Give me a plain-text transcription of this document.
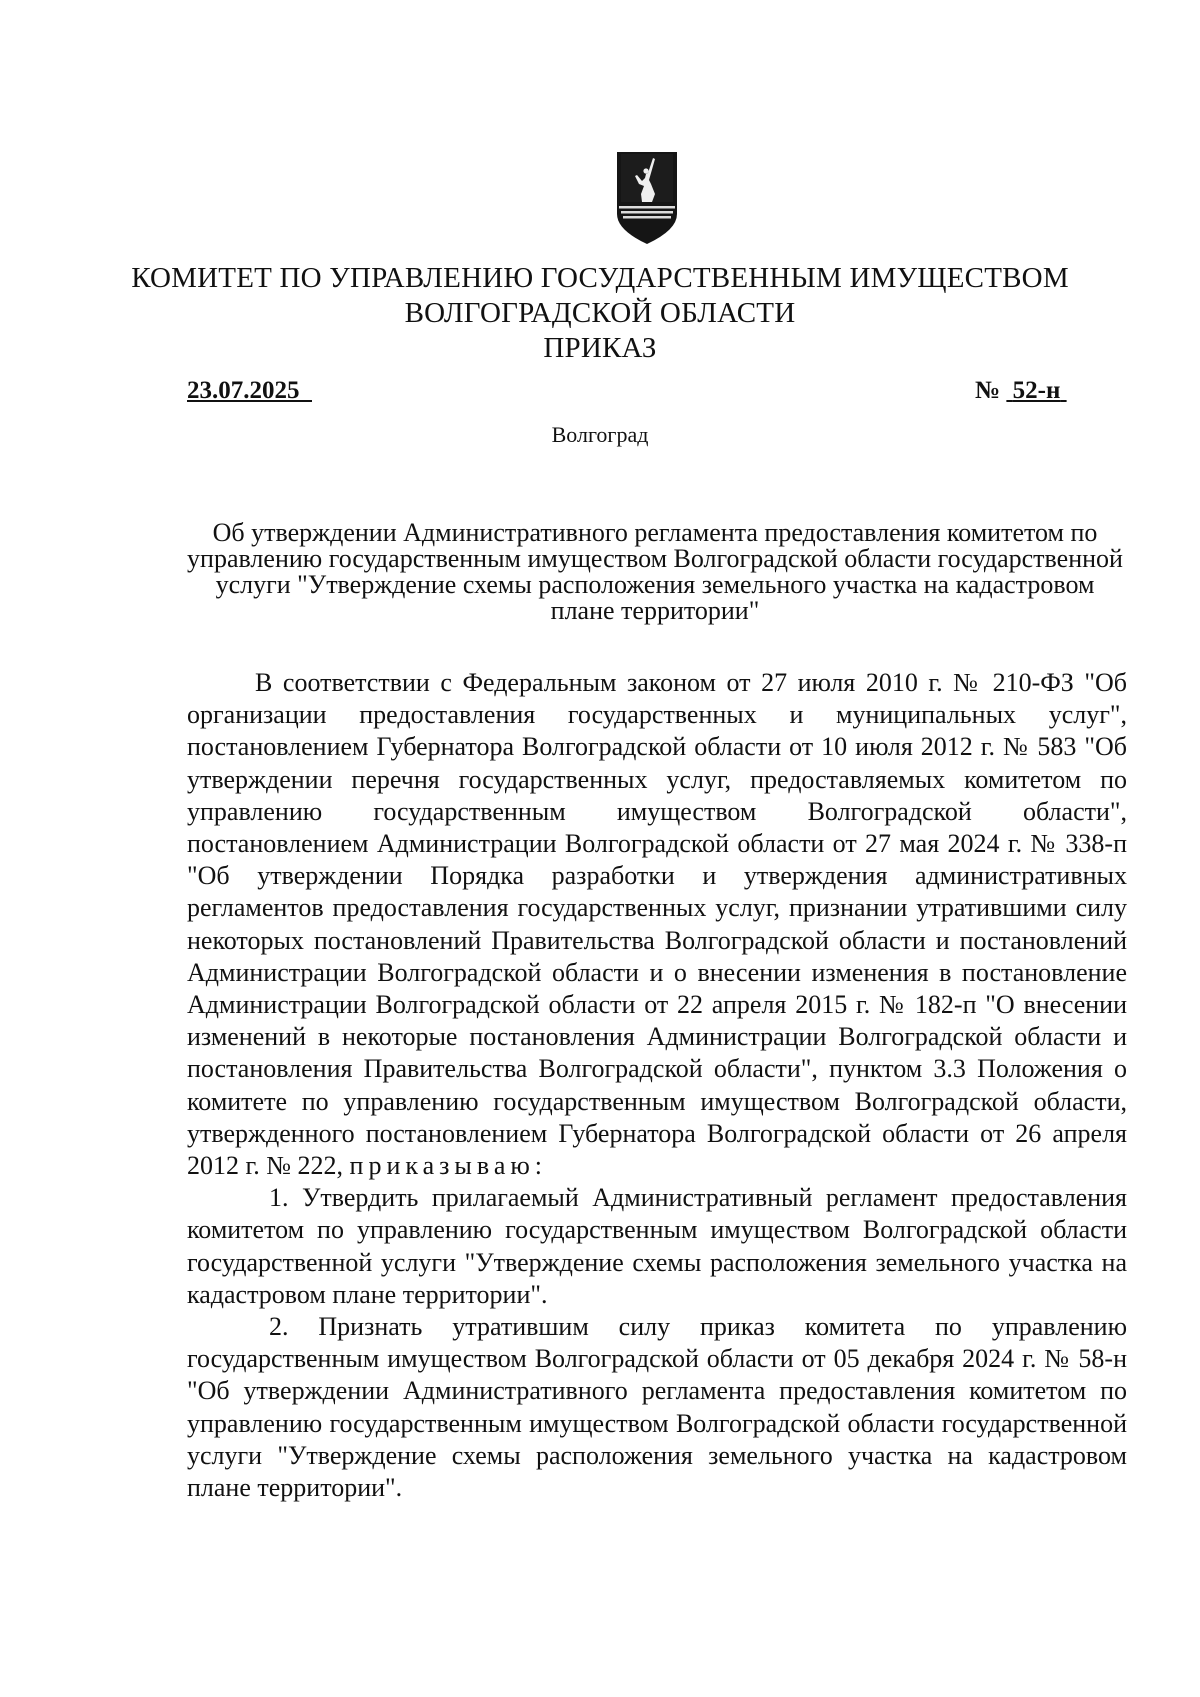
КОМИТЕТ ПО УПРАВЛЕНИЮ ГОСУДАРСТВЕННЫМ ИМУЩЕСТВОМ
ВОЛГОГРАДСКОЙ ОБЛАСТИ
ПРИКАЗ
23.07.2025	№ 52-н
Волгоград
Об утверждении Административного регламента предоставления комитетом по управлению государственным имуществом Волгоградской области государственной услуги "Утверждение схемы расположения земельного участка на кадастровом плане территории"

В соответствии с Федеральным законом от 27 июля 2010 г. № 210-ФЗ "Об организации предоставления государственных и муниципальных услуг", постановлением Губернатора Волгоградской области от 10 июля 2012 г. № 583 "Об утверждении перечня государственных услуг, предоставляемых комитетом по управлению государственным имуществом Волгоградской области", постановлением Администрации Волгоградской области от 27 мая 2024 г. № 338-п "Об утверждении Порядка разработки и утверждения административных регламентов предоставления государственных услуг, признании утратившими силу некоторых постановлений Правительства Волгоградской области и постановлений Администрации Волгоградской области и о внесении изменения в постановление Администрации Волгоградской области от 22 апреля 2015 г. № 182-п "О внесении изменений в некоторые постановления Администрации Волгоградской области и постановления Правительства Волгоградской области", пунктом 3.3 Положения о комитете по управлению государственным имуществом Волгоградской области, утвержденного постановлением Губернатора Волгоградской области от 26 апреля 2012 г. № 222, приказываю:

1. Утвердить прилагаемый Административный регламент предоставления комитетом по управлению государственным имуществом Волгоградской области государственной услуги "Утверждение схемы расположения земельного участка на кадастровом плане территории".

2. Признать утратившим силу приказ комитета по управлению государственным имуществом Волгоградской области от 05 декабря 2024 г. № 58-н "Об утверждении Административного регламента предоставления комитетом по управлению государственным имуществом Волгоградской области государственной услуги "Утверждение схемы расположения земельного участка на кадастровом плане территории".
